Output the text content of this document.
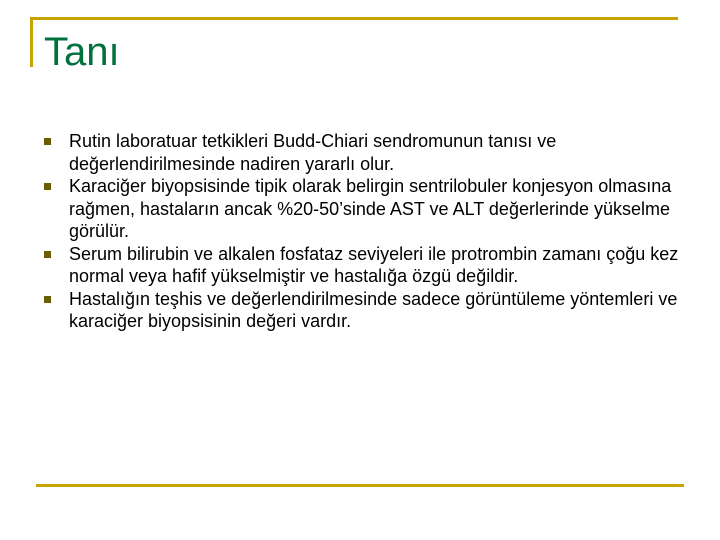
Tanı
Rutin laboratuar tetkikleri Budd-Chiari sendromunun tanısı ve değerlendirilmesinde nadiren yararlı olur.
Karaciğer biyopsisinde tipik olarak belirgin sentrilobuler konjesyon olmasına rağmen, hastaların ancak %20-50’sinde AST ve ALT değerlerinde yükselme görülür.
Serum bilirubin ve alkalen fosfataz seviyeleri ile protrombin zamanı çoğu kez normal veya hafif yükselmiştir ve hastalığa özgü değildir.
Hastalığın teşhis ve değerlendirilmesinde sadece görüntüleme yöntemleri ve karaciğer biyopsisinin değeri vardır.
